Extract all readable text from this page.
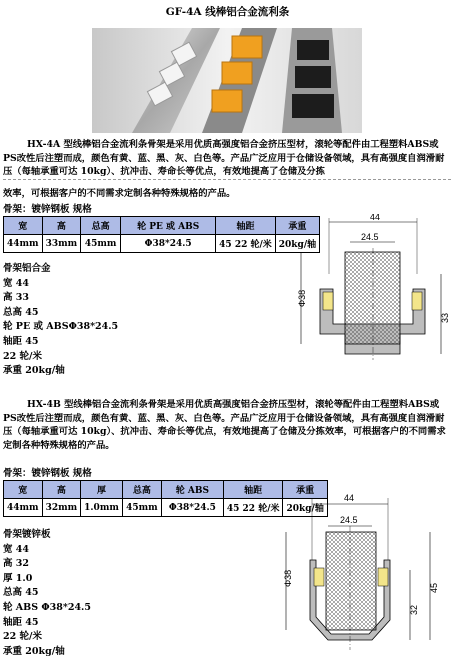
GF-4A 线棒铝合金流利条
HX-4A 型线棒铝合金流利条骨架是采用优质高强度铝合金挤压型材，滚轮等配件由工程塑料ABS或PS改性后注塑而成，颜色有黄、蓝、黑、灰、白色等。产品广泛应用于仓储设备领域，具有高强度自润滑耐压（每轴承重可达 10kg）、抗冲击、寿命长等优点，有效地提高了仓储及分拣
效率，可根据客户的不同需求定制各种特殊规格的产品。
骨架：镀锌钢板 规格
宽	高	总高	轮 PE 或 ABS	轴距	承重
44mm	33mm	45mm	Φ38*24.5	45 22 轮/米	20kg/轴
骨架铝合金
宽 44
高 33
总高 45
轮 PE 或 ABSΦ38*24.5
轴距 45
22 轮/米
承重 20kg/轴
44
24.5
Φ38
33
HX-4B 型线棒铝合金流利条骨架是采用优质高强度铝合金挤压型材，滚轮等配件由工程塑料ABS或PS改性后注塑而成，颜色有黄、蓝、黑、灰、白色等。产品广泛应用于仓储设备领域，具有高强度自润滑耐压（每轴承重可达 10kg）、抗冲击、寿命长等优点，有效地提高了仓储及分拣效率，可根据客户的不同需求定制各种特殊规格的产品。
骨架：镀锌钢板 规格
宽	高	厚	总高	轮 ABS	轴距	承重
44mm	32mm	1.0mm	45mm	Φ38*24.5	45 22 轮/米	20kg/轴
骨架镀锌板
宽 44
高 32
厚 1.0
总高 45
轮 ABS Φ38*24.5
轴距 45
22 轮/米
承重 20kg/轴
44
24.5
Φ38
32
45
